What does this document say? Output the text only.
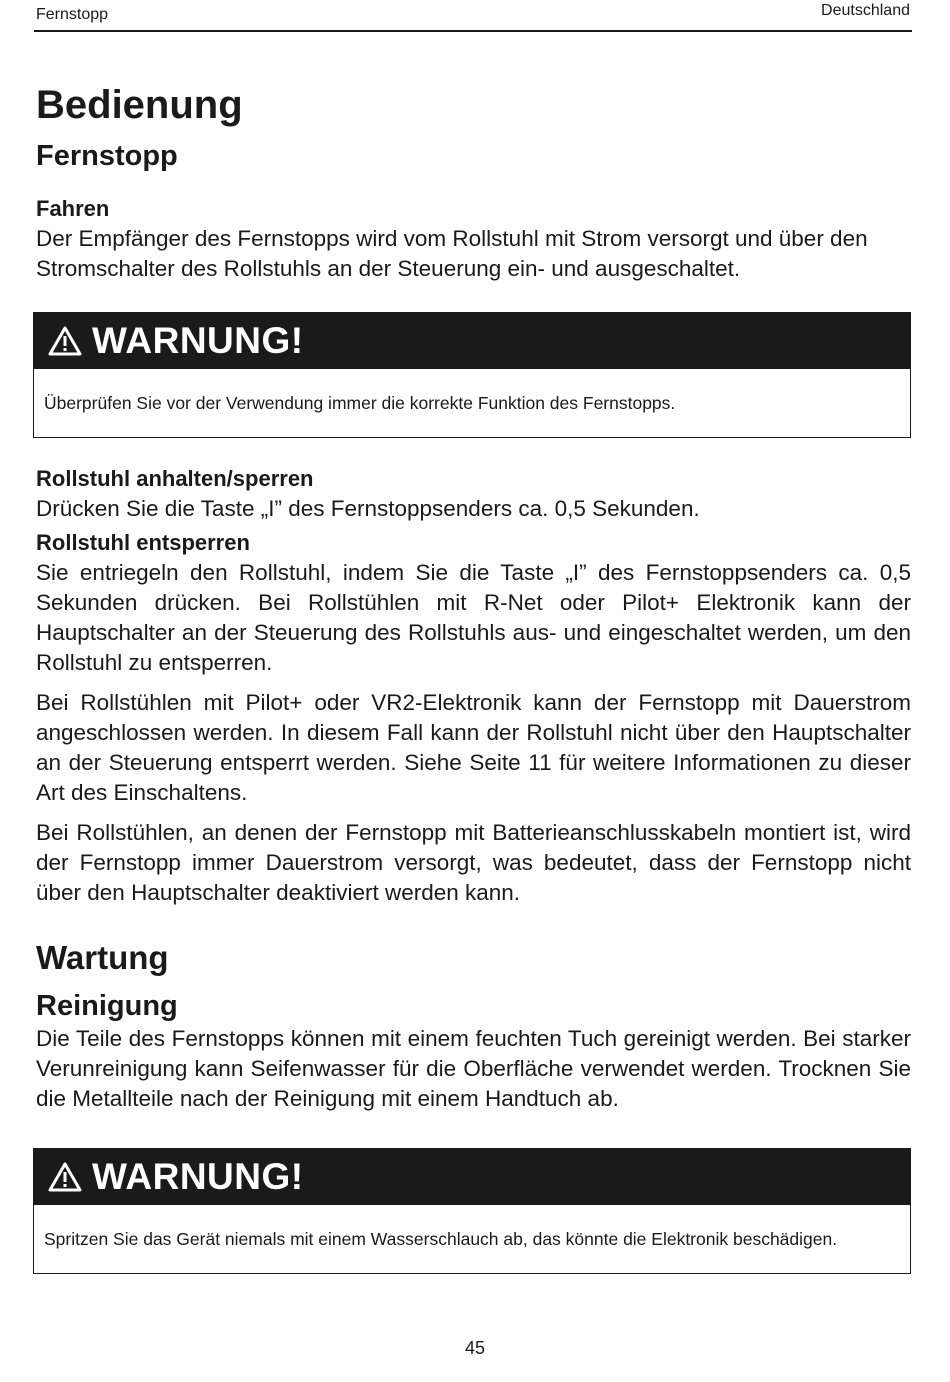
Fernstopp	Deutschland
Bedienung
Fernstopp
Fahren

Der Empfänger des Fernstopps wird vom Rollstuhl mit Strom versorgt und über den Stromschalter des Rollstuhls an der Steuerung ein- und ausgeschaltet.

WARNUNG!
Überprüfen Sie vor der Verwendung immer die korrekte Funktion des Fernstopps.
Rollstuhl anhalten/sperren

Drücken Sie die Taste „I” des Fernstoppsenders ca. 0,5 Sekunden.

Rollstuhl entsperren

Sie entriegeln den Rollstuhl, indem Sie die Taste „I” des Fernstoppsenders ca. 0,5 Sekunden drücken. Bei Rollstühlen mit R-Net oder Pilot+ Elektronik kann der Hauptschalter an der Steuerung des Rollstuhls aus- und eingeschaltet werden, um den Rollstuhl zu entsperren.

Bei Rollstühlen mit Pilot+ oder VR2-Elektronik kann der Fernstopp mit Dauerstrom angeschlossen werden. In diesem Fall kann der Rollstuhl nicht über den Hauptschalter an der Steuerung entsperrt werden. Siehe Seite 11 für weitere Informationen zu dieser Art des Einschaltens.

Bei Rollstühlen, an denen der Fernstopp mit Batterieanschlusskabeln montiert ist, wird der Fernstopp immer Dauerstrom versorgt, was bedeutet, dass der Fernstopp nicht über den Hauptschalter deaktiviert werden kann.

Wartung
Reinigung

Die Teile des Fernstopps können mit einem feuchten Tuch gereinigt werden. Bei starker Verunreinigung kann Seifenwasser für die Oberfläche verwendet werden. Trocknen Sie die Metallteile nach der Reinigung mit einem Handtuch ab.

WARNUNG!
Spritzen Sie das Gerät niemals mit einem Wasserschlauch ab, das könnte die Elektronik beschädigen.
45
